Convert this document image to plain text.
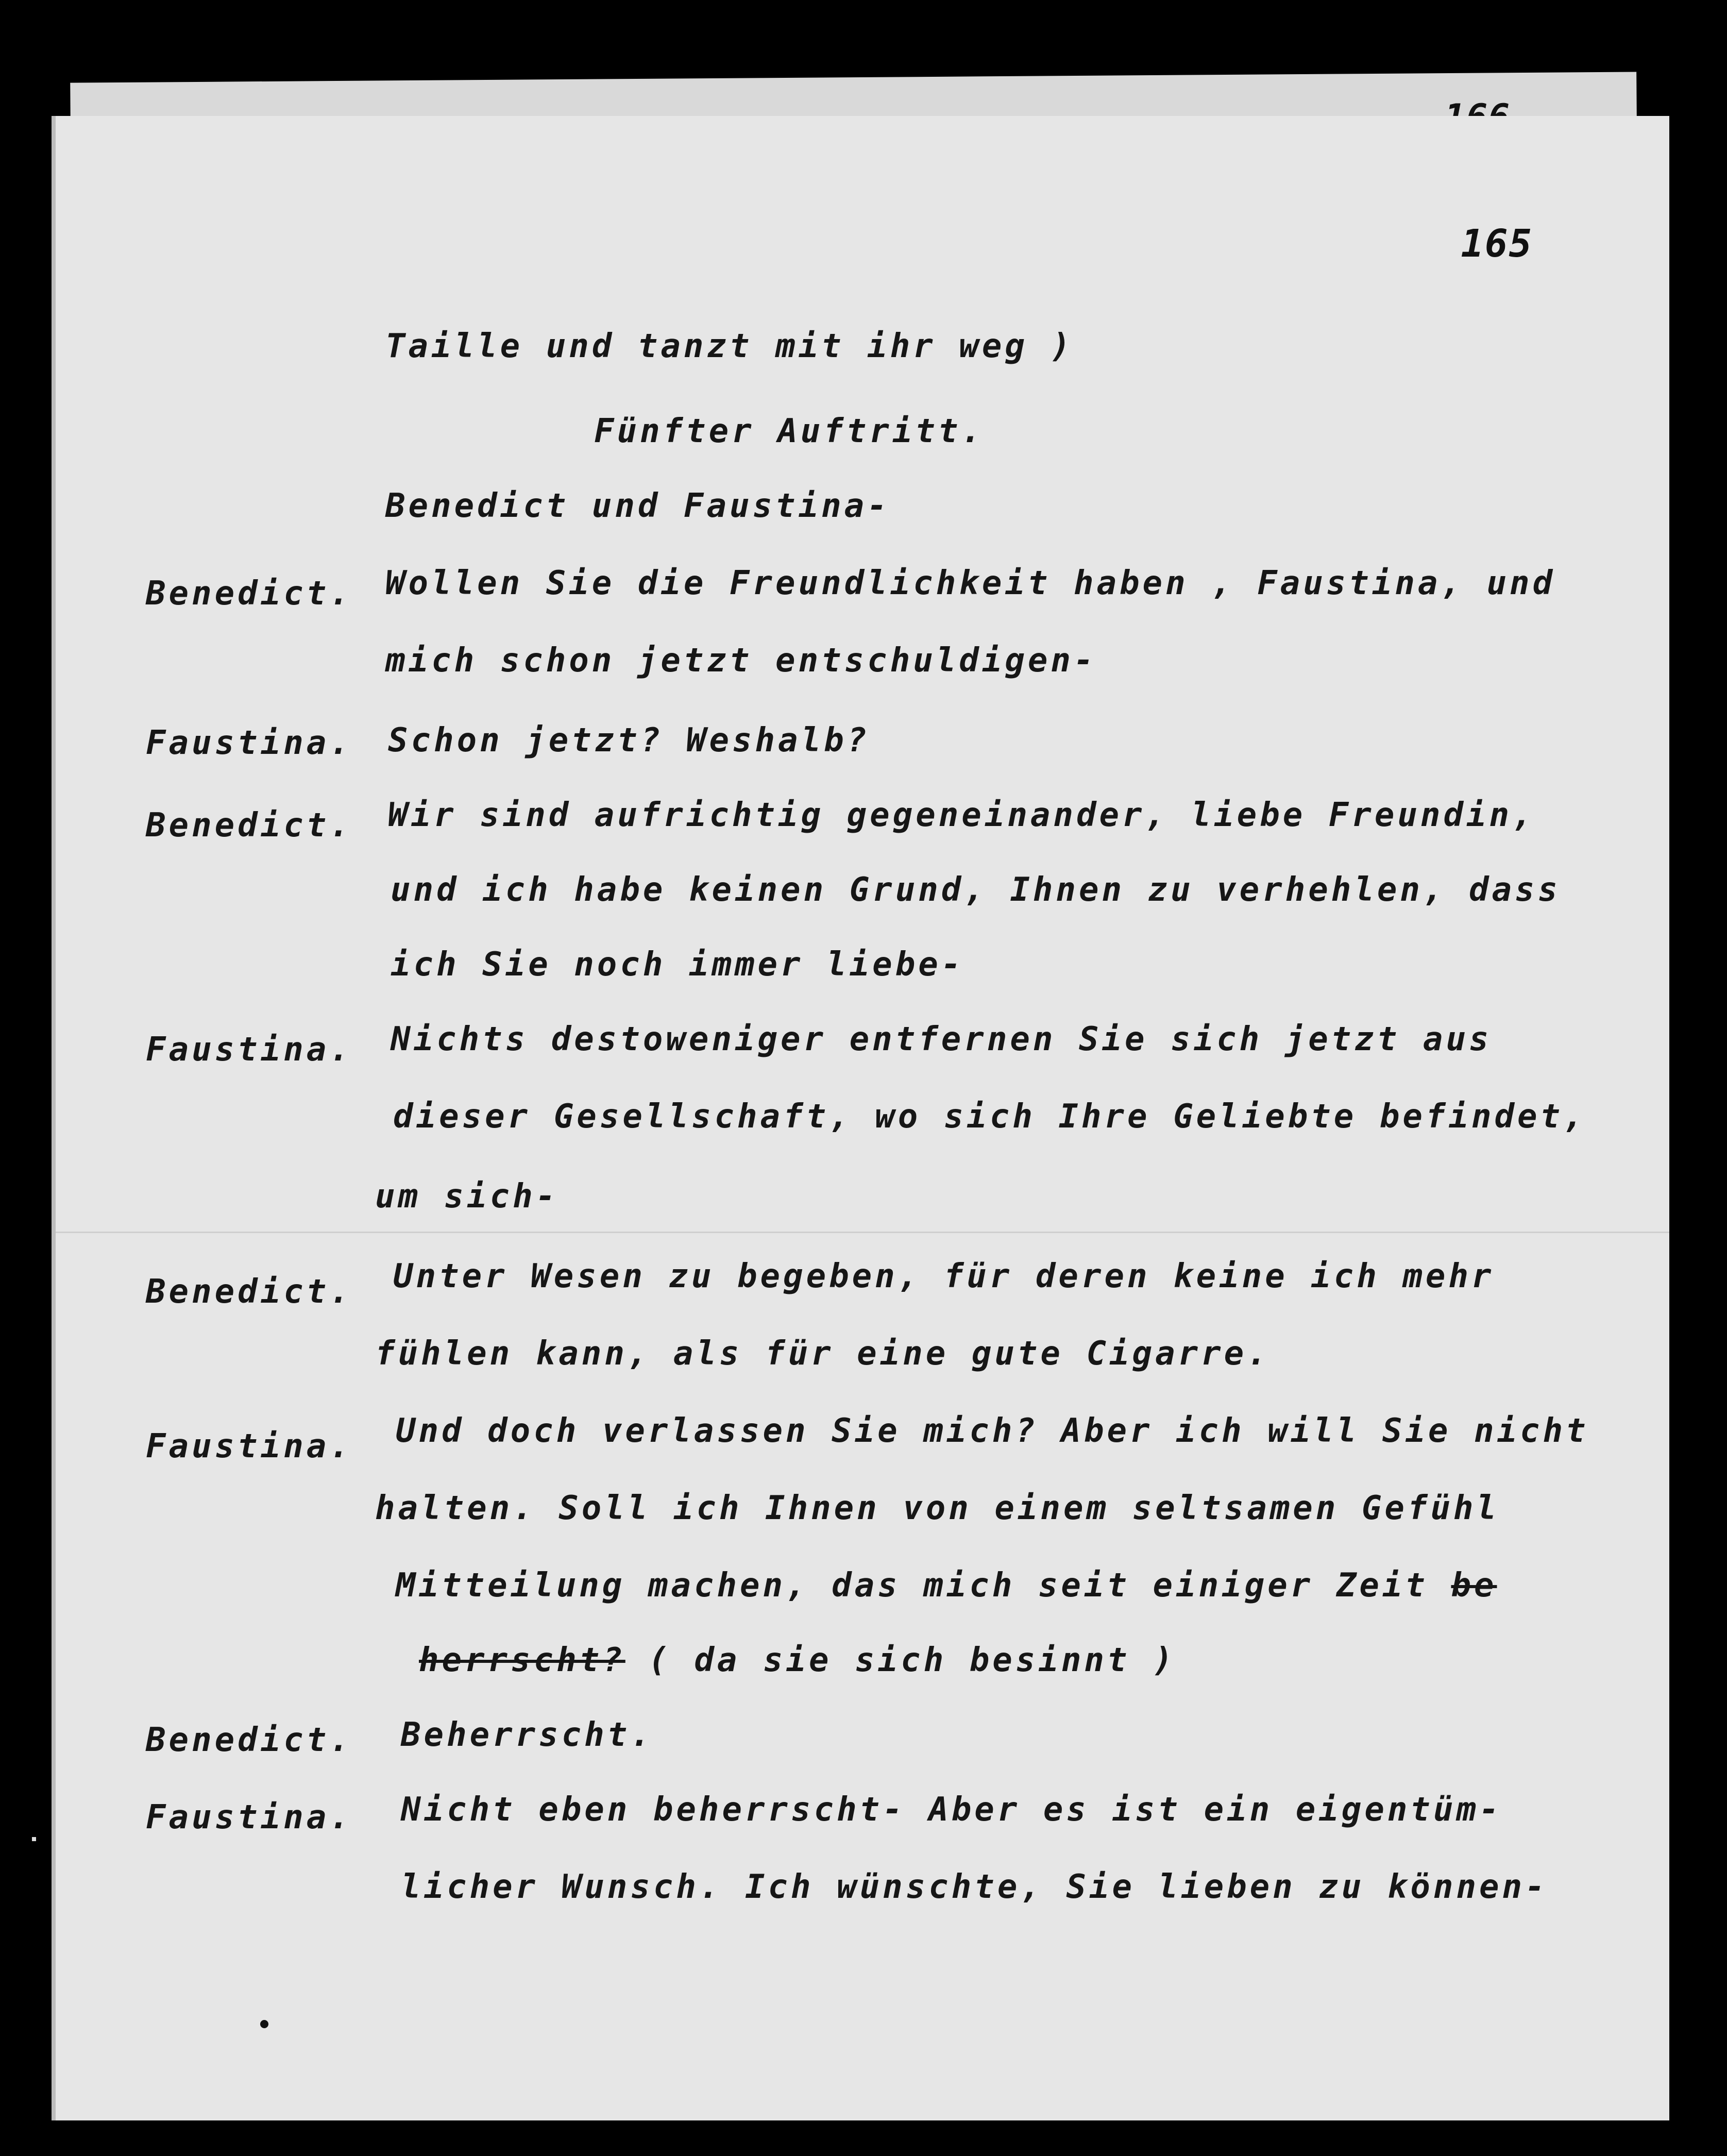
165
Taille und tanzt mit ihr weg )
Fünfter Auftritt.
Benedict und Faustina-
Benedict. Wollen Sie die Freundlichkeit haben , Faustina, und
mich schon jetzt entschuldigen-
Faustina. Schon jetzt? Weshalb?
Benedict. Wir sind aufrichtig gegeneinander, liebe Freundin,
und ich habe keinen Grund, Ihnen zu verhehlen, dass
ich Sie noch immer liebe-
Faustina. Nichts destoweniger entfernen Sie sich jetzt aus
dieser Gesellschaft, wo sich Ihre Geliebte befindet,
um sich-
Benedict. Unter Wesen zu begeben, für deren keine ich mehr
fühlen kann, als für eine gute Cigarre.
Faustina. Und doch verlassen Sie mich? Aber ich will Sie nicht
halten. Soll ich Ihnen von einem seltsamen Gefühl
Mitteilung machen, das mich seit einiger Zeit be
herrscht? ( da sie sich besinnt )
Benedict. Beherrscht.
Faustina. Nicht eben beherrscht- Aber es ist ein eigentüm-
licher Wunsch. Ich wünschte, Sie lieben zu können-
